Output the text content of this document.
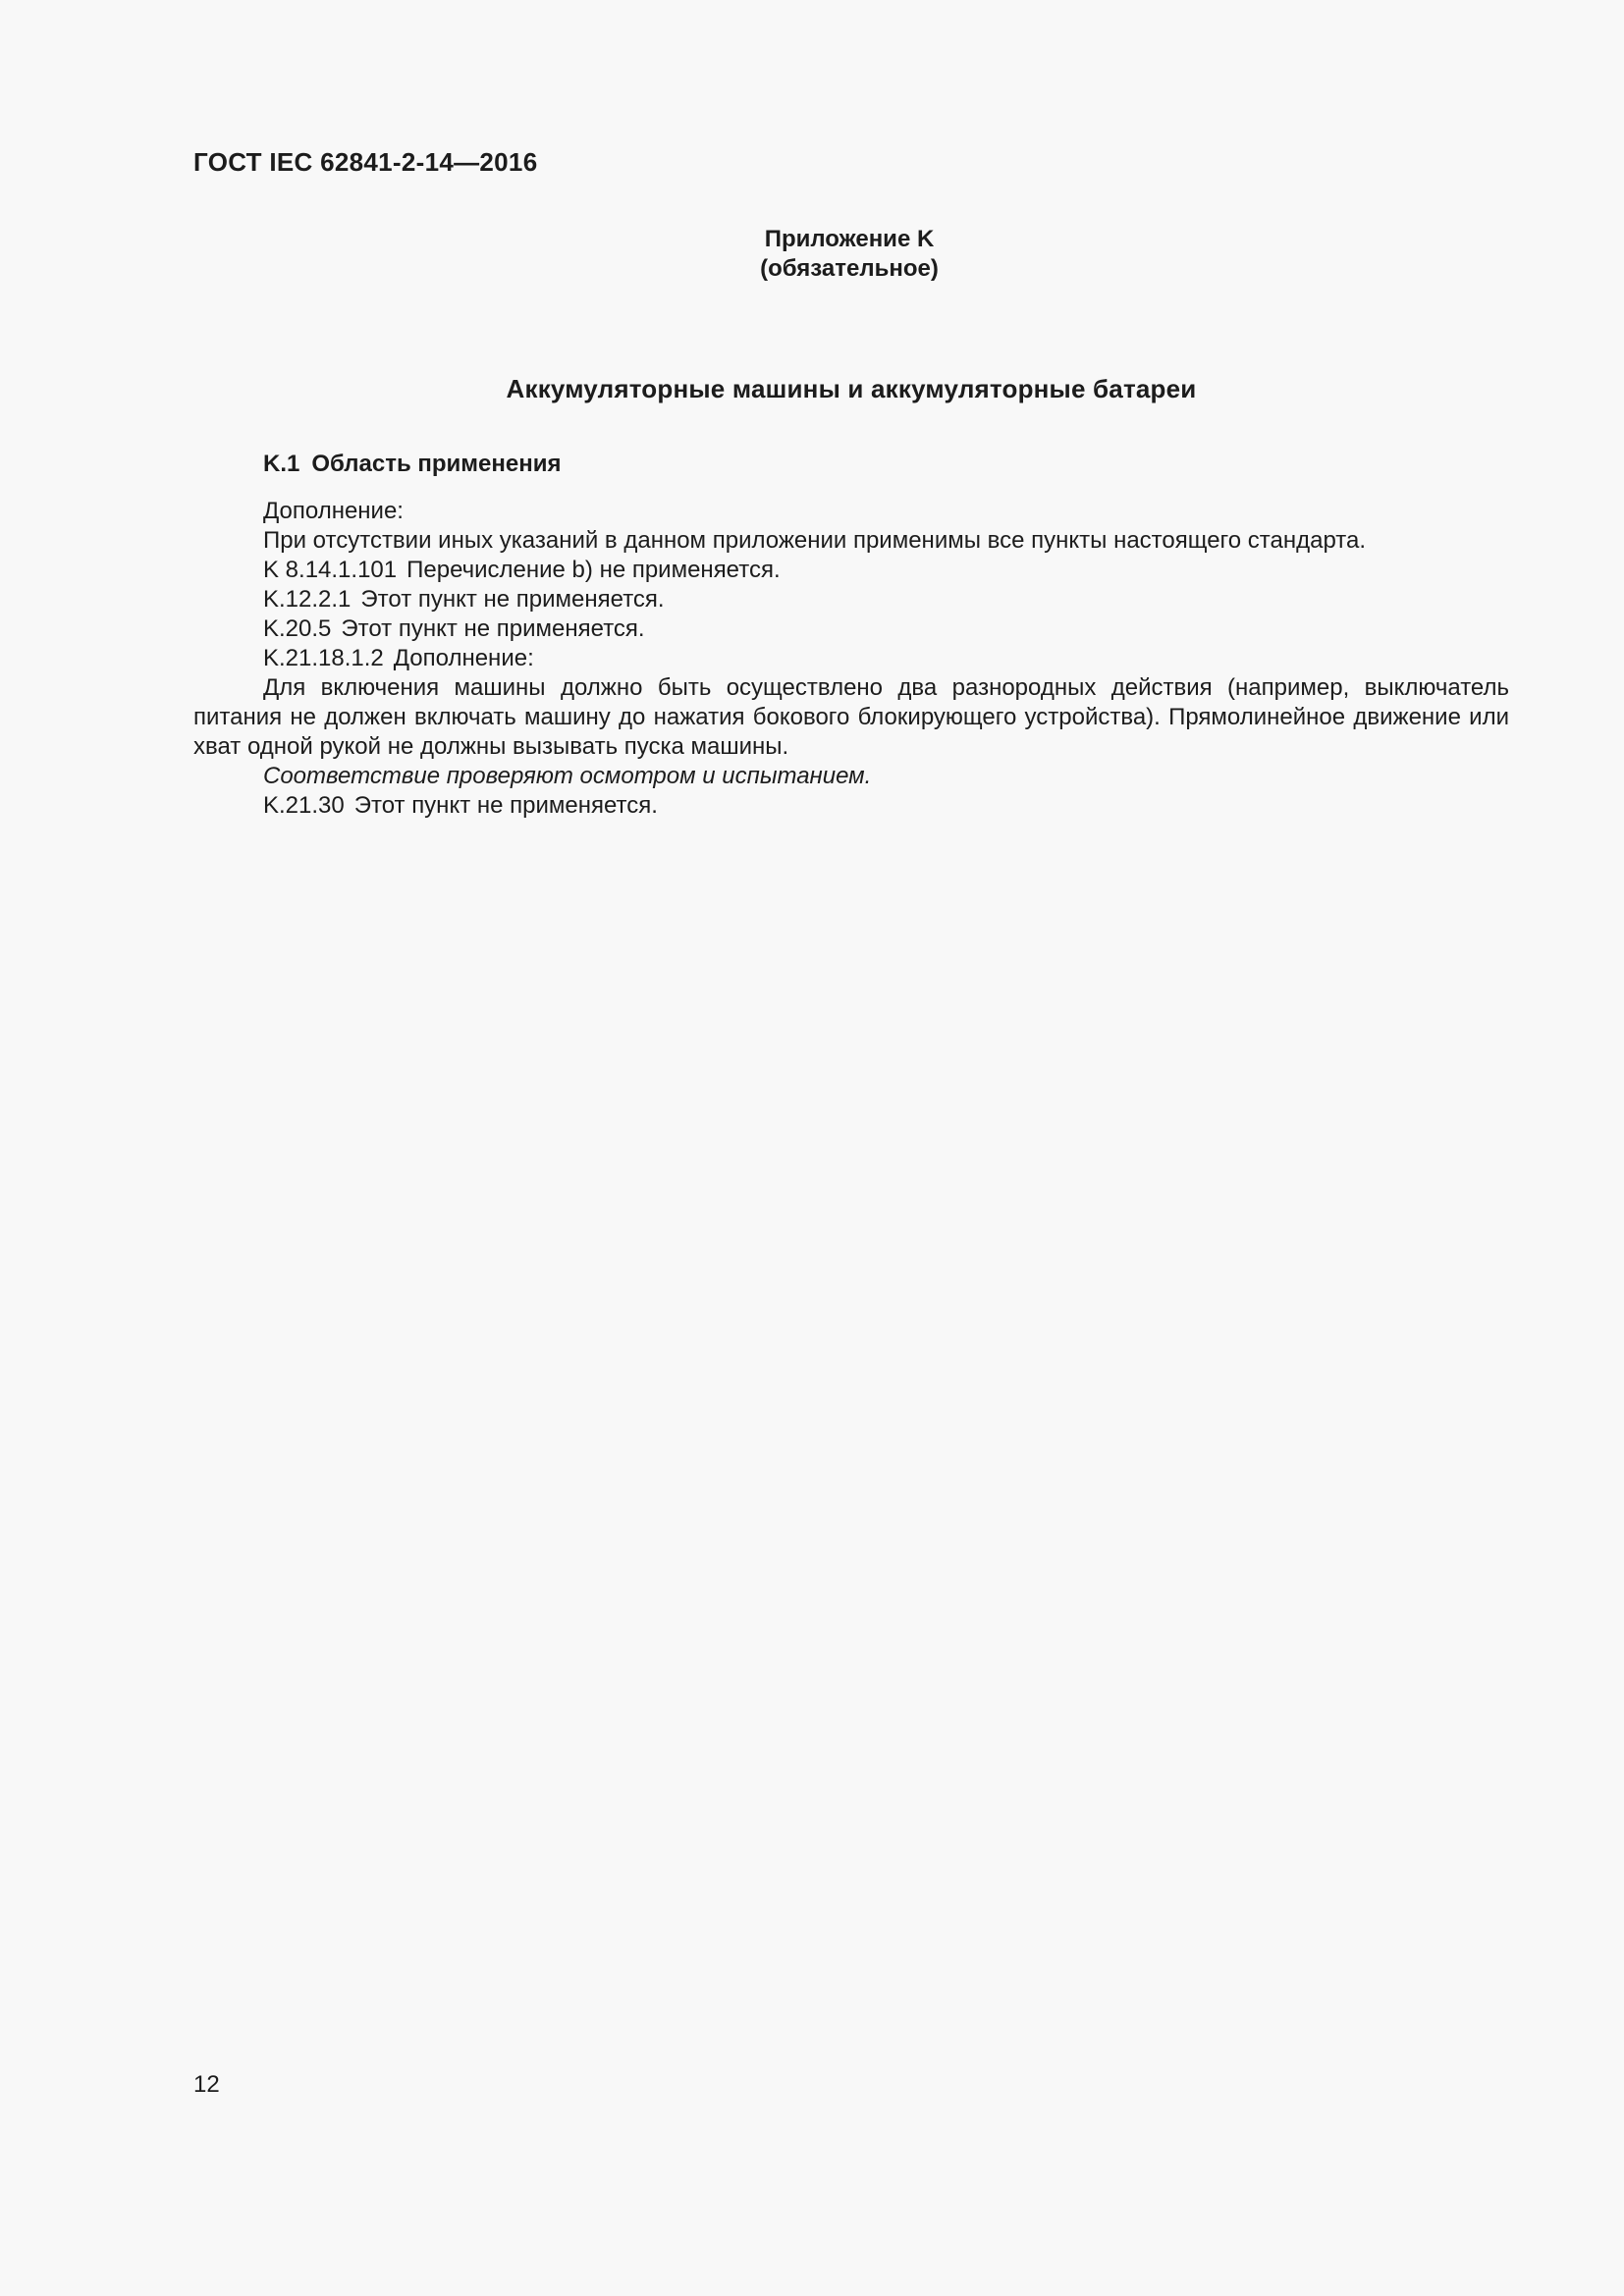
ГОСТ IEC 62841-2-14—2016
Приложение K
(обязательное)
Аккумуляторные машины и аккумуляторные батареи
K.1 Область применения

Дополнение:

При отсутствии иных указаний в данном приложении применимы все пункты настоящего стандарта.

K 8.14.1.101 Перечисление b) не применяется.

K.12.2.1 Этот пункт не применяется.

K.20.5 Этот пункт не применяется.

K.21.18.1.2 Дополнение:

Для включения машины должно быть осуществлено два разнородных действия (например, выключатель питания не должен включать машину до нажатия бокового блокирующего устройства). Прямолинейное движение или хват одной рукой не должны вызывать пуска машины.

Соответствие проверяют осмотром и испытанием.

K.21.30 Этот пункт не применяется.

12
